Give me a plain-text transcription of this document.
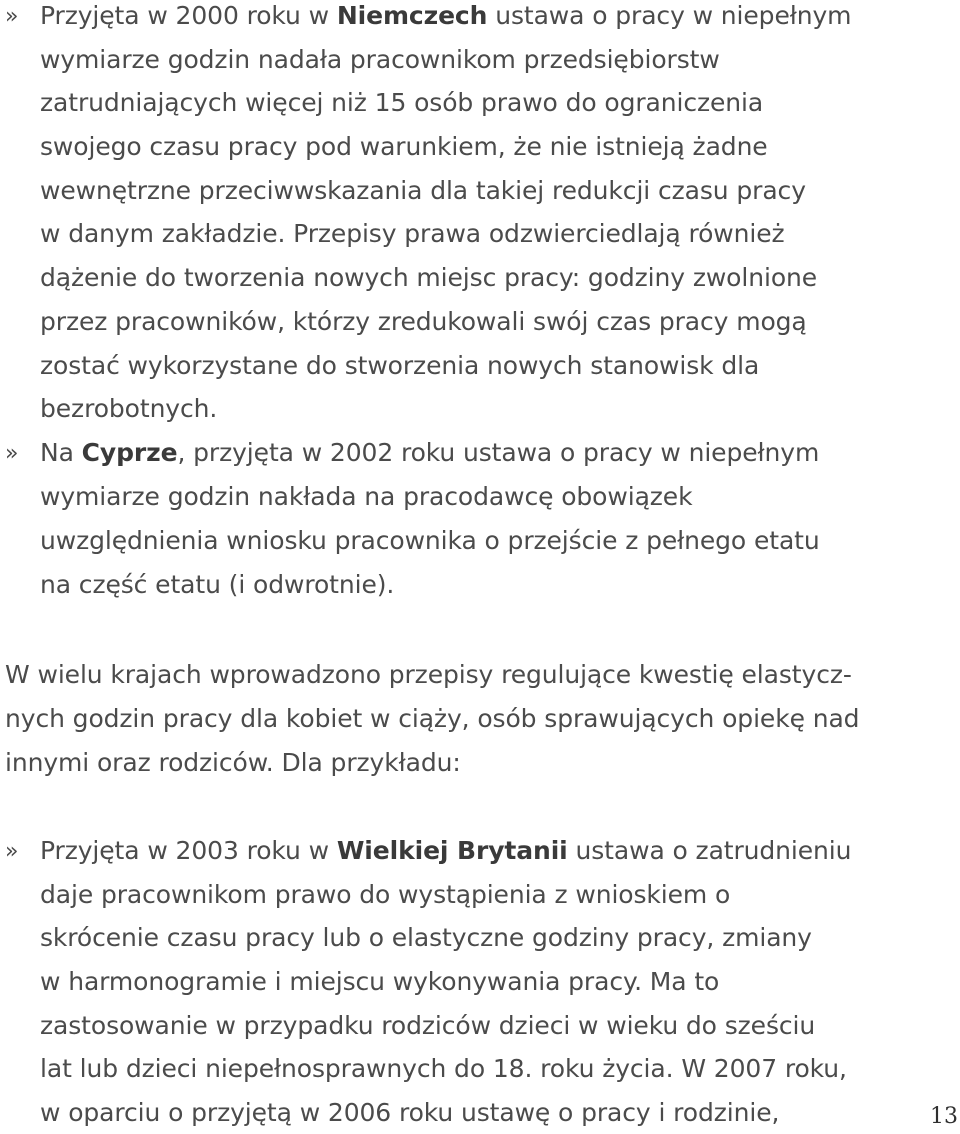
» Przyjęta w 2000 roku w Niemczech ustawa o pracy w niepełnym
wymiarze godzin nadała pracownikom przedsiębiorstw
zatrudniających więcej niż 15 osób prawo do ograniczenia
swojego czasu pracy pod warunkiem, że nie istnieją żadne
wewnętrzne przeciwwskazania dla takiej redukcji czasu pracy
w danym zakładzie. Przepisy prawa odzwierciedlają również
dążenie do tworzenia nowych miejsc pracy: godziny zwolnione
przez pracowników, którzy zredukowali swój czas pracy mogą
zostać wykorzystane do stworzenia nowych stanowisk dla
bezrobotnych.
» Na Cyprze, przyjęta w 2002 roku ustawa o pracy w niepełnym
wymiarze godzin nakłada na pracodawcę obowiązek
uwzględnienia wniosku pracownika o przejście z pełnego etatu
na część etatu (i odwrotnie).
W wielu krajach wprowadzono przepisy regulujące kwestię elastycz-
nych godzin pracy dla kobiet w ciąży, osób sprawujących opiekę nad
innymi oraz rodziców. Dla przykładu:
» Przyjęta w 2003 roku w Wielkiej Brytanii ustawa o zatrudnieniu
daje pracownikom prawo do wystąpienia z wnioskiem o
skrócenie czasu pracy lub o elastyczne godziny pracy, zmiany
w harmonogramie i miejscu wykonywania pracy. Ma to
zastosowanie w przypadku rodziców dzieci w wieku do sześciu
lat lub dzieci niepełnosprawnych do 18. roku życia. W 2007 roku,
w oparciu o przyjętą w 2006 roku ustawę o pracy i rodzinie,	13
